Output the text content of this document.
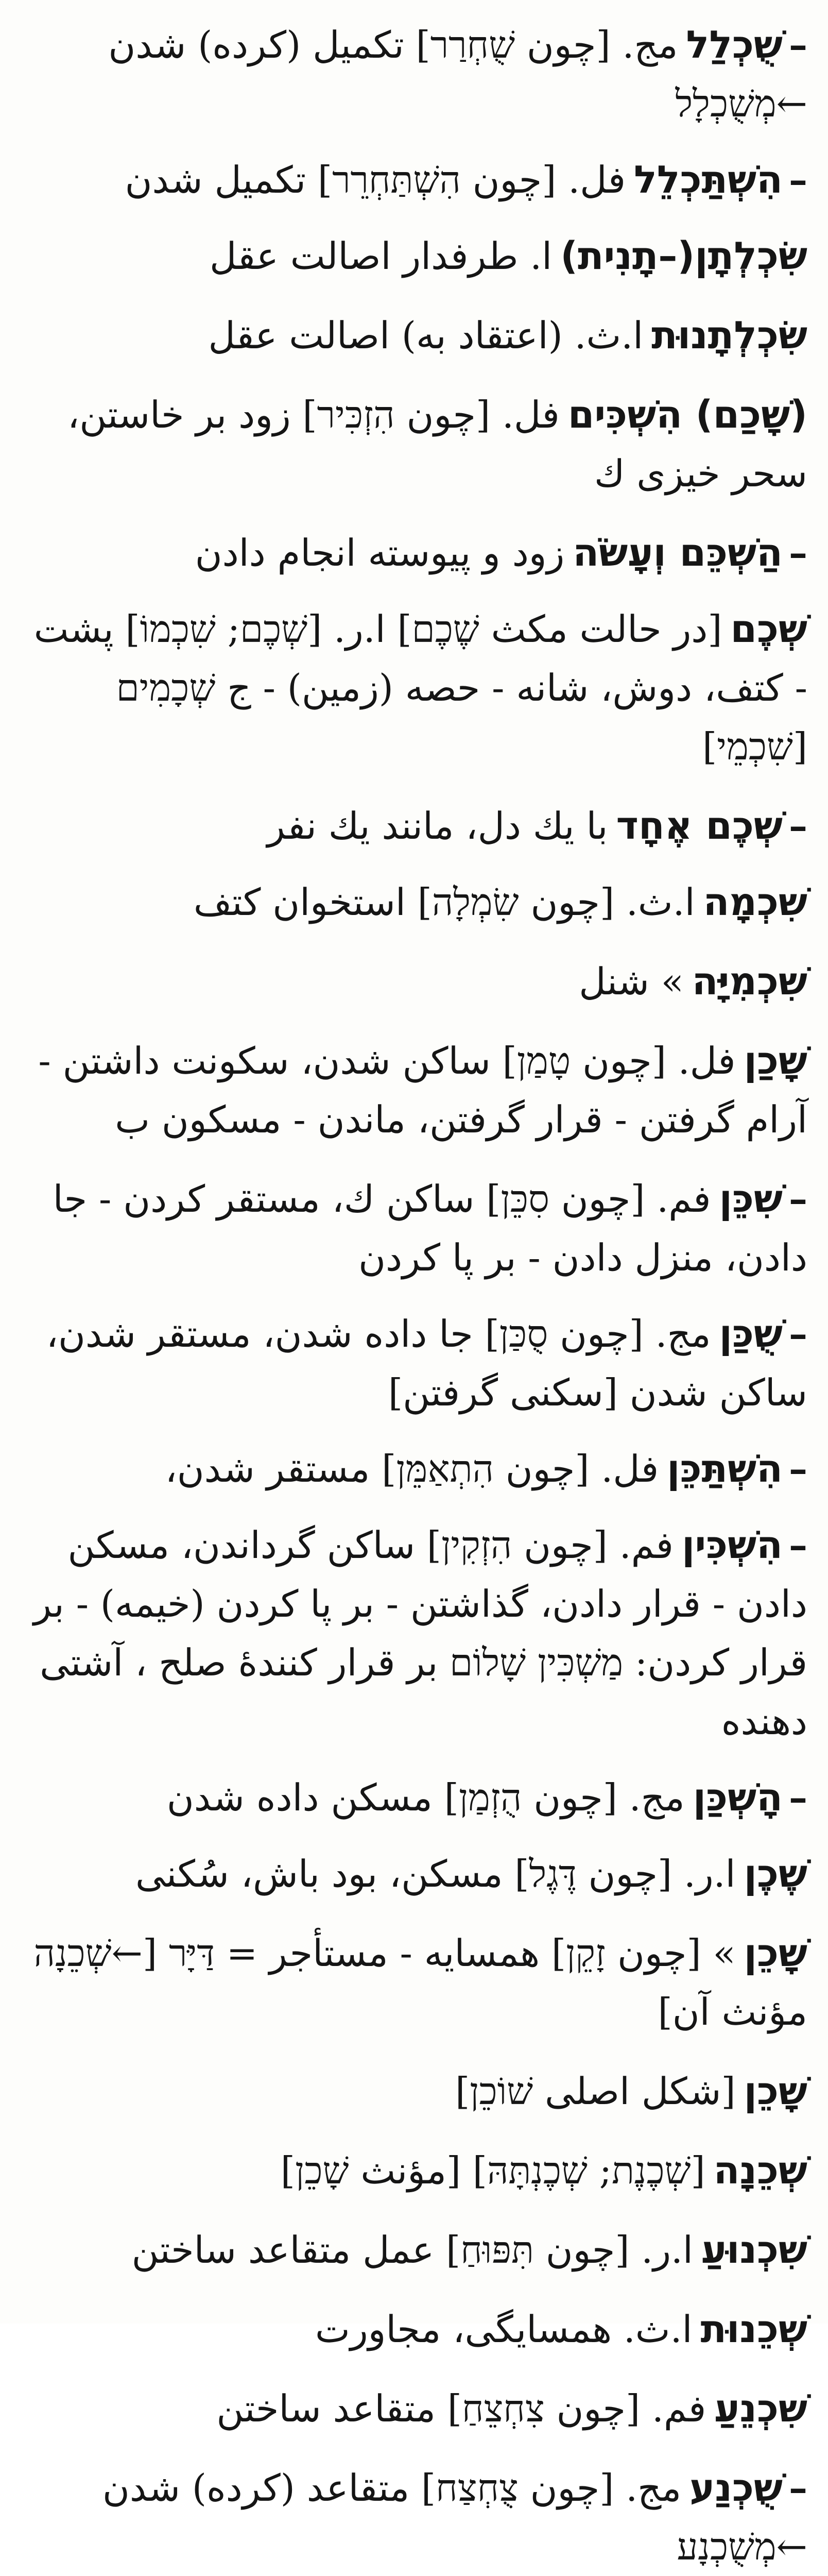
–שֻׁכְלַלمج. [چون שֻׁחְרַר] تكميل (كرده) شدن ←מְשֻׁכְלָל
–הִשְׁתַּכְלֵלفل. [چون הִשְׁתַּחְרֵר] تكميل شدن
שִׂכְלְתָן(–תָנִית)ا. طرفدار اصالت عقل
שִׂכְלְתָנוּתا.ث. (اعتقاد به) اصالت عقل
(שָׁכַם) הִשְׁכִּיםفل. [چون הִזְכִּיר] زود بر خاستن، سحر خيزى ك
–הַשְׁכֵּם וְעָשֹׂהزود و پيوسته انجام دادن
שְׁכֶם[در حالت مكث שֶׁכֶם] ا.ر. [שְׁכֶם; שִׁכְמוֹ] پشت - كتف، دوش، شانه - حصه (زمين) - ج שְׁכָמִים [שִׁכְמֵי]
–שְׁכֶם אֶחָדبا يك دل، مانند يك نفر
שִׁכְמָהا.ث. [چون שִׂמְלָה] استخوان كتف
שִׁכְמִיָּה» شنل
שָׁכַןفل. [چون טָמַן] ساكن شدن، سكونت داشتن - آرام گرفتن - قرار گرفتن، ماندن - مسكون ب
–שִׁכֵּןفم. [چون סִכֵּן] ساكن ك، مستقر كردن - جا دادن، منزل دادن - بر پا كردن
–שֻׁכַּןمج. [چون סֻכַּן] جا داده شدن، مستقر شدن، ساكن شدن [سكنى گرفتن]
–הִשְׁתַּכֵּןفل. [چون הִתְאַמֵּן] مستقر شدن،
–הִשְׁכִּיןفم. [چون הִזְקִין] ساكن گرداندن، مسكن دادن - قرار دادن، گذاشتن - بر پا كردن (خيمه) - بر قرار كردن: מַשְׁכִּין שָׁלוֹם بر قرار كنندۀ صلح ، آشتى دهنده
–הָשְׁכַּןمج. [چون הֻזְמַן] مسكن داده شدن
שֶׁכֶןا.ر. [چون דֶּגֶל] مسكن، بود باش، سُكنى
שָׁכֵן» [چون זָקֵן] همسايه - مستأجر = דַּיָּר [←שְׁכֵנָה مؤنث آن]
שָׁכֵן[شكل اصلى שׁוֹכֵן]
שְׁכֵנָה[שְׁכֶנֶת; שְׁכֶנְתָּהּ] [مؤنث שָׁכֵן]
שִׁכְנוּעַا.ر. [چون תִּפּוּחַ] عمل متقاعد ساختن
שְׁכֵנוּתا.ث. همسايگى، مجاورت
שִׁכְנֵעַفم. [چون צִחְצֵחַ] متقاعد ساختن
–שֻׁכְנַעمج. [چون צֻחְצַח] متقاعد (كرده) شدن ←מְשֻׁכְנָע
